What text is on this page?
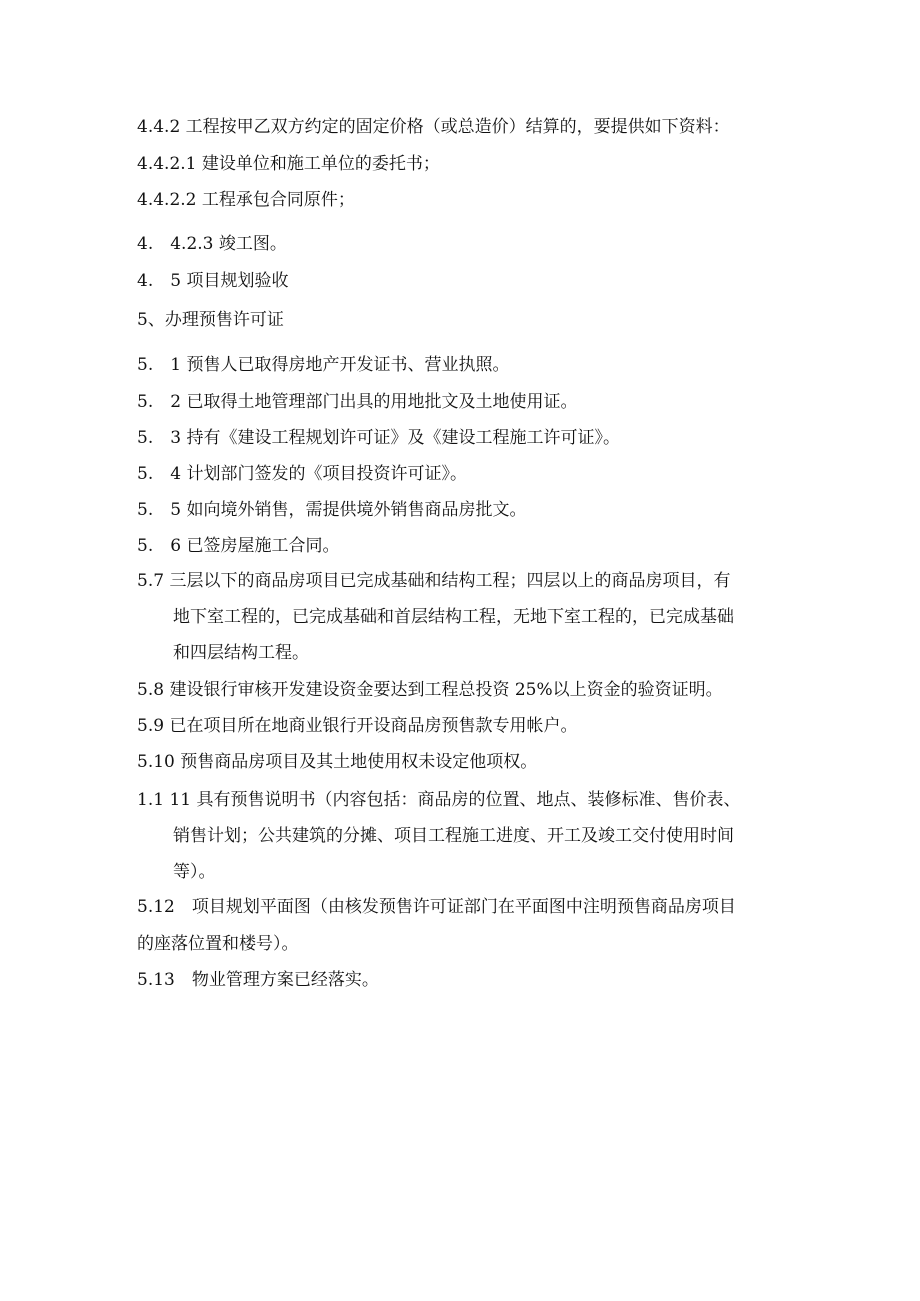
4.4.2 工程按甲乙双方约定的固定价格（或总造价）结算的，要提供如下资料：
4.4.2.1 建设单位和施工单位的委托书；
4.4.2.2 工程承包合同原件；
4.　4.2.3 竣工图。
4.　5 项目规划验收
5、办理预售许可证
5.　1 预售人已取得房地产开发证书、营业执照。
5.　2 已取得土地管理部门出具的用地批文及土地使用证。
5.　3 持有《建设工程规划许可证》及《建设工程施工许可证》。
5.　4 计划部门签发的《项目投资许可证》。
5.　5 如向境外销售，需提供境外销售商品房批文。
5.　6 已签房屋施工合同。
5.7 三层以下的商品房项目已完成基础和结构工程；四层以上的商品房项目，有
地下室工程的，已完成基础和首层结构工程，无地下室工程的，已完成基础
和四层结构工程。
5.8 建设银行审核开发建设资金要达到工程总投资 25%以上资金的验资证明。
5.9 已在项目所在地商业银行开设商品房预售款专用帐户。
5.10 预售商品房项目及其土地使用权未设定他项权。
1.1 11 具有预售说明书（内容包括：商品房的位置、地点、装修标准、售价表、
销售计划；公共建筑的分摊、项目工程施工进度、开工及竣工交付使用时间
等）。
5.12　项目规划平面图（由核发预售许可证部门在平面图中注明预售商品房项目
的座落位置和楼号）。
5.13　物业管理方案已经落实。
